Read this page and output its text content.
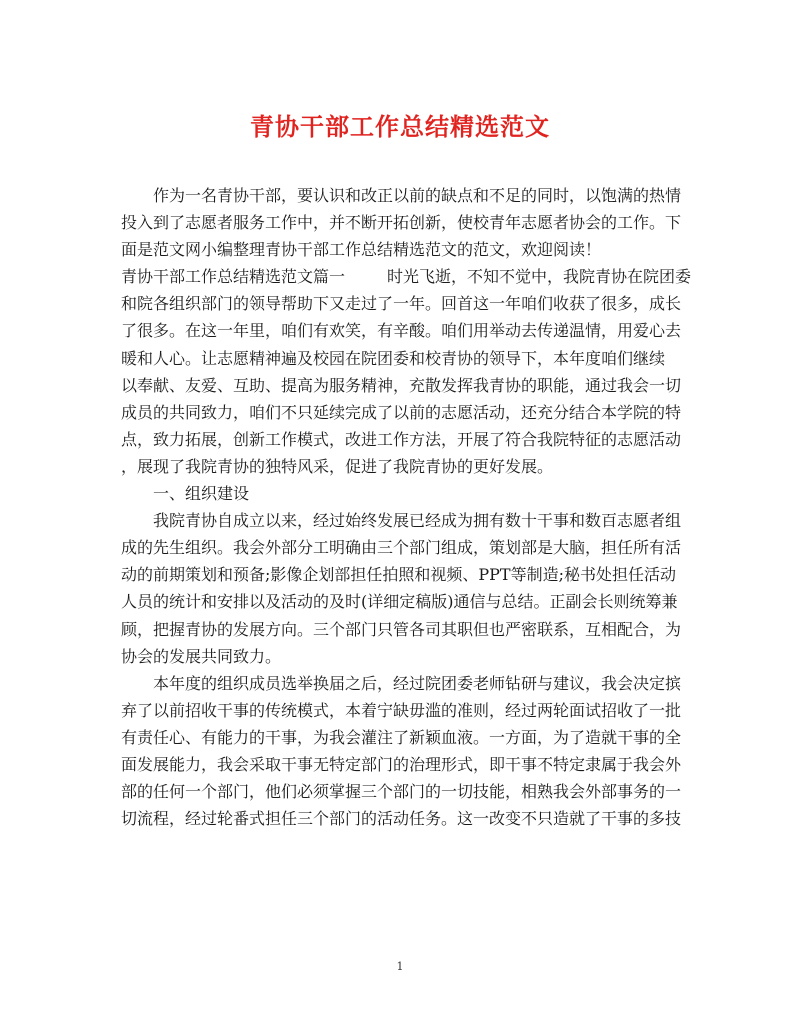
青协干部工作总结精选范文
作为一名青协干部，要认识和改正以前的缺点和不足的同时，以饱满的热情
投入到了志愿者服务工作中，并不断开拓创新，使校青年志愿者协会的工作。下
面是范文网小编整理青协干部工作总结精选范文的范文，欢迎阅读！
青协干部工作总结精选范文篇一	时光飞逝，不知不觉中，我院青协在院团委
和院各组织部门的领导帮助下又走过了一年。回首这一年咱们收获了很多，成长
了很多。在这一年里，咱们有欢笑，有辛酸。咱们用举动去传递温情，用爱心去
暖和人心。让志愿精神遍及校园在院团委和校青协的领导下，本年度咱们继续
以奉献、友爱、互助、提高为服务精神，充散发挥我青协的职能，通过我会一切
成员的共同致力，咱们不只延续完成了以前的志愿活动，还充分结合本学院的特
点，致力拓展，创新工作模式，改进工作方法，开展了符合我院特征的志愿活动
，展现了我院青协的独特风采，促进了我院青协的更好发展。
一、组织建设
我院青协自成立以来，经过始终发展已经成为拥有数十干事和数百志愿者组
成的先生组织。我会外部分工明确由三个部门组成，策划部是大脑，担任所有活
动的前期策划和预备;影像企划部担任拍照和视频、PPT等制造;秘书处担任活动
人员的统计和安排以及活动的及时(详细定稿版)通信与总结。正副会长则统筹兼
顾，把握青协的发展方向。三个部门只管各司其职但也严密联系，互相配合，为
协会的发展共同致力。
本年度的组织成员选举换届之后，经过院团委老师钻研与建议，我会决定摈
弃了以前招收干事的传统模式，本着宁缺毋滥的准则，经过两轮面试招收了一批
有责任心、有能力的干事，为我会灌注了新颖血液。一方面，为了造就干事的全
面发展能力，我会采取干事无特定部门的治理形式，即干事不特定隶属于我会外
部的任何一个部门，他们必须掌握三个部门的一切技能，相熟我会外部事务的一
切流程，经过轮番式担任三个部门的活动任务。这一改变不只造就了干事的多技
1
